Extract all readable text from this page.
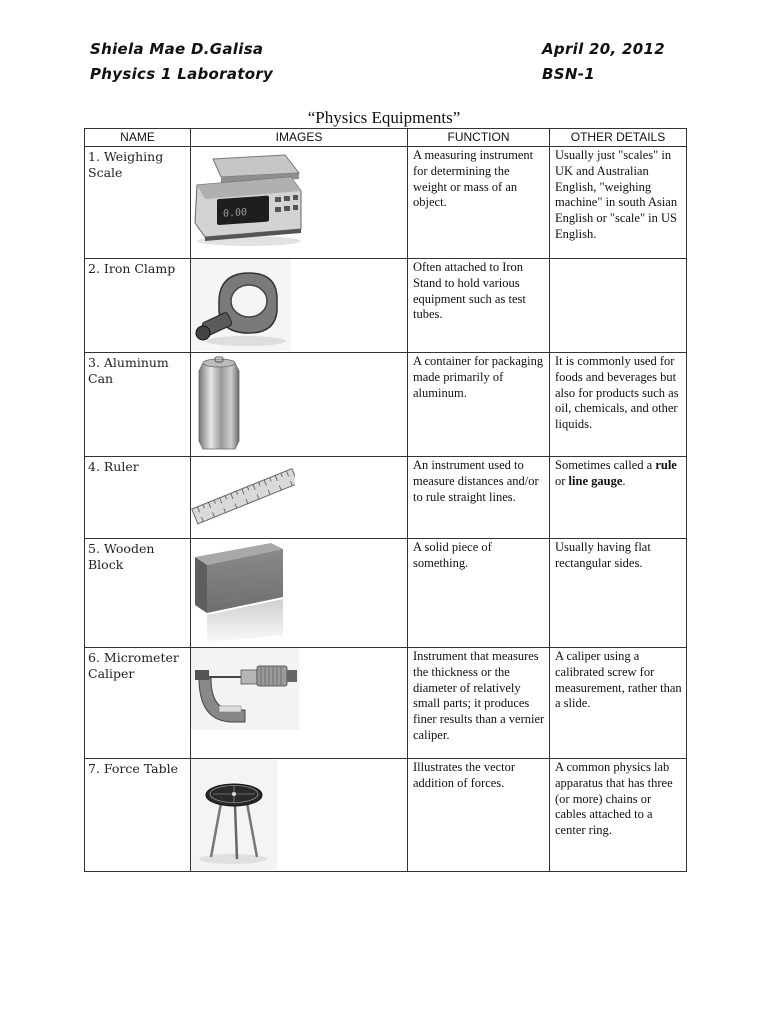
Shiela Mae D.Galisa
Physics 1 Laboratory
April 20, 2012
BSN-1
“Physics Equipments”
NAME	IMAGES	FUNCTION	OTHER DETAILS
1. Weighing Scale	0.00	A measuring instrument for determining the weight or mass of an object.	Usually just "scales" in UK and Australian English, "weighing machine" in south Asian English or "scale" in US English.
2. Iron Clamp		Often attached to Iron Stand to hold various equipment such as test tubes.	
3. Aluminum Can		A container for packaging made primarily of aluminum.	It is commonly used for foods and beverages but also for products such as oil, chemicals, and other liquids.
4. Ruler		An instrument used to measure distances and/or to rule straight lines.	Sometimes called a rule or line gauge.
5. Wooden Block		A solid piece of something.	Usually having flat rectangular sides.
6. Micrometer Caliper		Instrument that measures the thickness or the diameter of relatively small parts; it produces finer results than a vernier caliper.	A caliper using a calibrated screw for measurement, rather than a slide.
7. Force Table		Illustrates the vector addition of forces.	A common physics lab apparatus that has three (or more) chains or cables attached to a center ring.
